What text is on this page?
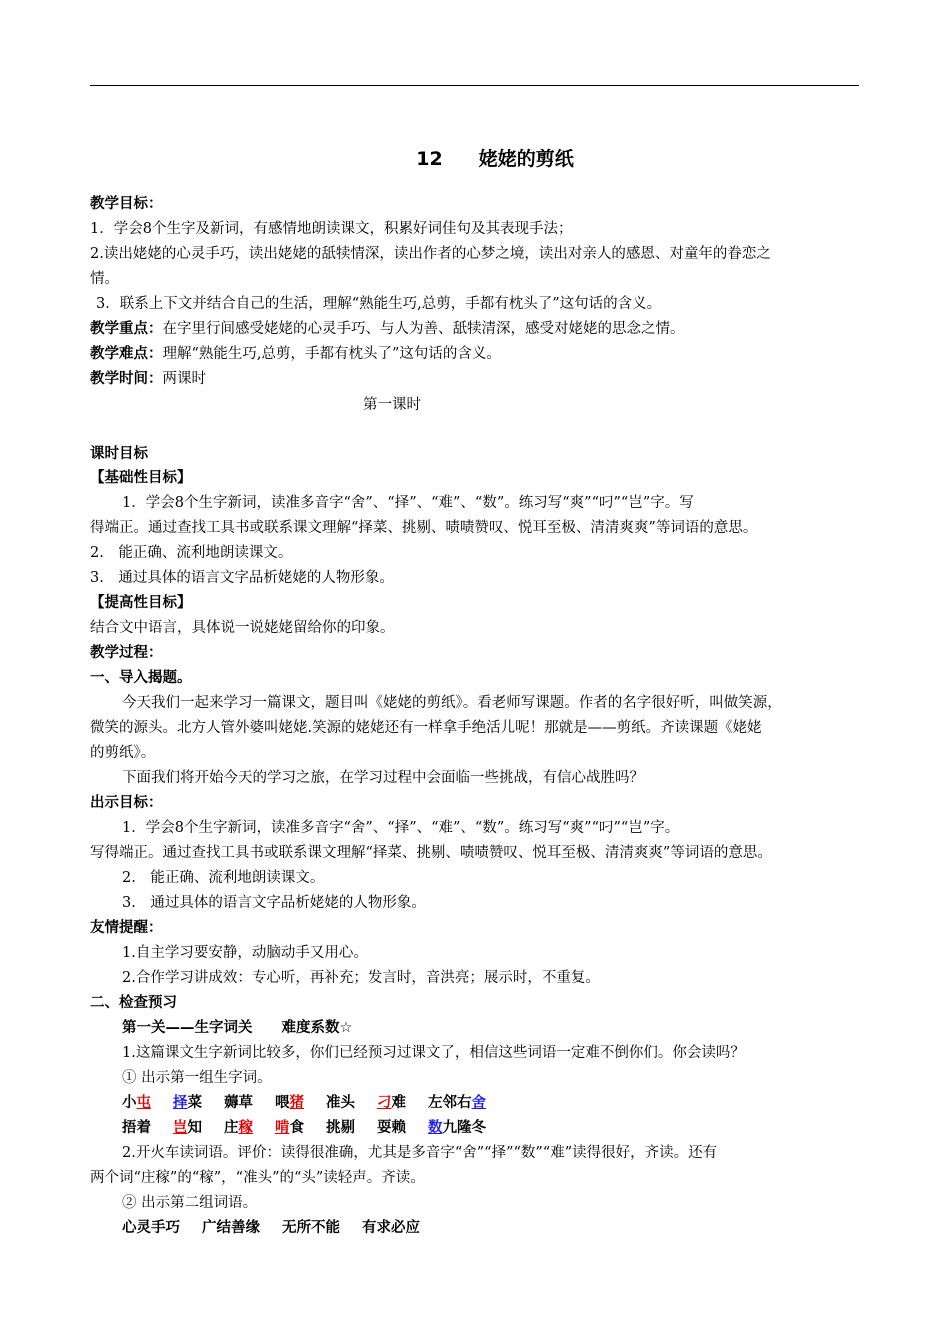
12 姥姥的剪纸
教学目标：
1．学会8个生字及新词，有感情地朗读课文，积累好词佳句及其表现手法；
2.读出姥姥的心灵手巧，读出姥姥的舐犊情深，读出作者的心梦之境，读出对亲人的感恩、对童年的眷恋之
情。
3．联系上下文并结合自己的生活，理解“熟能生巧,总剪，手都有枕头了”这句话的含义。
教学重点：在字里行间感受姥姥的心灵手巧、与人为善、舐犊清深，感受对姥姥的思念之情。
教学难点：理解“熟能生巧,总剪，手都有枕头了”这句话的含义。
教学时间：两课时
第一课时
课时目标
【基础性目标】
1．学会8个生字新词，读准多音字“舍”、“择”、“难”、“数”。练习写“爽”“叼”“岂”字。写
得端正。通过查找工具书或联系课文理解“择菜、挑剔、啧啧赞叹、悦耳至极、清清爽爽”等词语的意思。
2.　能正确、流利地朗读课文。
3.　通过具体的语言文字品析姥姥的人物形象。
【提高性目标】
结合文中语言，具体说一说姥姥留给你的印象。
教学过程：
一、导入揭题。
今天我们一起来学习一篇课文，题目叫《姥姥的剪纸》。看老师写课题。作者的名字很好听，叫做笑源，
微笑的源头。北方人管外婆叫姥姥.笑源的姥姥还有一样拿手绝活儿呢！那就是——剪纸。齐读课题《姥姥
的剪纸》。
下面我们将开始今天的学习之旅，在学习过程中会面临一些挑战，有信心战胜吗？
出示目标：
1．学会8个生字新词，读准多音字“舍”、“择”、“难”、“数”。练习写“爽”“叼”“岂”字。
写得端正。通过查找工具书或联系课文理解“择菜、挑剔、啧啧赞叹、悦耳至极、清清爽爽”等词语的意思。
2.　能正确、流利地朗读课文。
3.　通过具体的语言文字品析姥姥的人物形象。
友情提醒：
1.自主学习要安静，动脑动手又用心。
2.合作学习讲成效：专心听，再补充；发言时，音洪亮；展示时，不重复。
二、检查预习
第一关——生字词关　　难度系数☆
1.这篇课文生字新词比较多，你们已经预习过课文了，相信这些词语一定难不倒你们。你会读吗？
① 出示第一组生字词。
小屯 择菜 薅草 喂猪 准头 刁难 左邻右舍
捂着 岂知 庄稼 啃食 挑剔 耍赖 数九隆冬
2.开火车读词语。评价：读得很准确，尤其是多音字“舍”“择”“数”“难”读得很好，齐读。还有
两个词“庄稼”的“稼”，“准头”的“头”读轻声。齐读。
② 出示第二组词语。
心灵手巧 广结善缘 无所不能 有求必应
